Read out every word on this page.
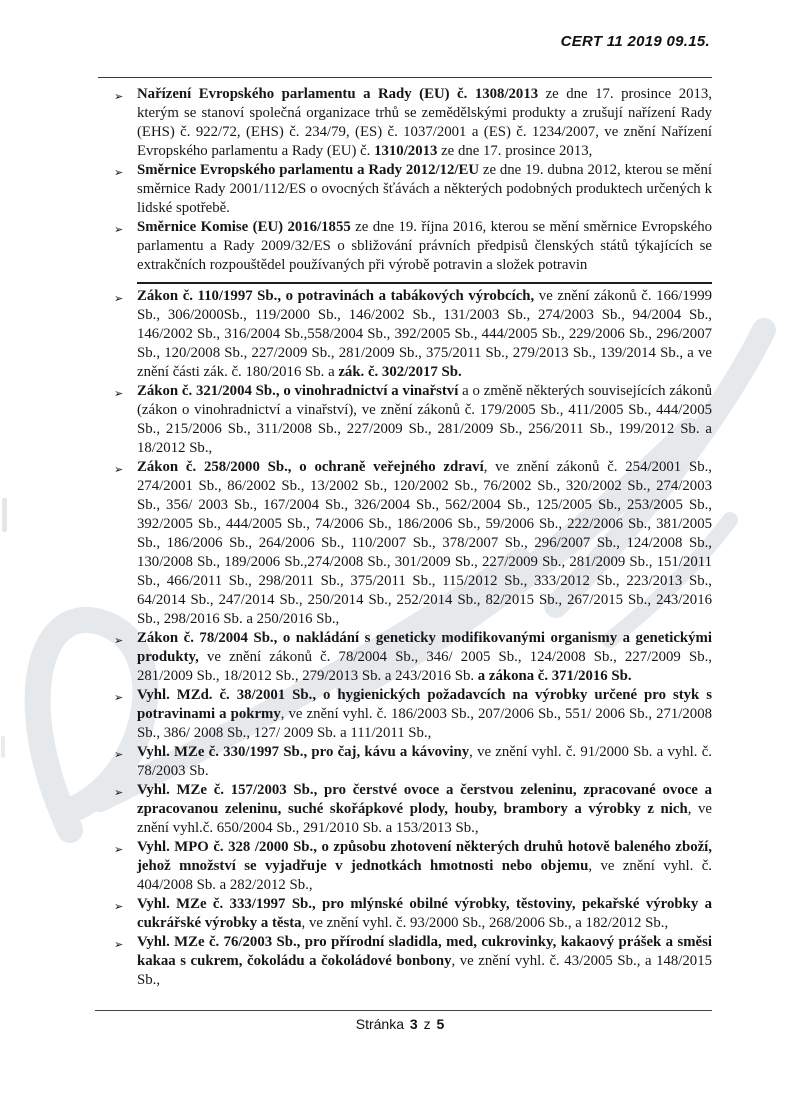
CERT 11 2019 09.15.
➢ Nařízení Evropského parlamentu a Rady (EU) č. 1308/2013 ze dne 17. prosince 2013, kterým se stanoví společná organizace trhů se zemědělskými produkty a zrušují nařízení Rady (EHS) č. 922/72, (EHS) č. 234/79, (ES) č. 1037/2001 a (ES) č. 1234/2007, ve znění Nařízení Evropského parlamentu a Rady (EU) č. 1310/2013 ze dne 17. prosince 2013,
➢ Směrnice Evropského parlamentu a Rady 2012/12/EU ze dne 19. dubna 2012, kterou se mění směrnice Rady 2001/112/ES o ovocných šťávách a některých podobných produktech určených k lidské spotřebě.
➢ Směrnice Komise (EU) 2016/1855 ze dne 19. října 2016, kterou se mění směrnice Evropského parlamentu a Rady 2009/32/ES o sbližování právních předpisů členských států týkajících se extrakčních rozpouštědel používaných při výrobě potravin a složek potravin
➢ Zákon č. 110/1997 Sb., o potravinách a tabákových výrobcích, ve znění zákonů č. 166/1999 Sb., 306/2000Sb., 119/2000 Sb., 146/2002 Sb., 131/2003 Sb., 274/2003 Sb., 94/2004 Sb., 146/2002 Sb., 316/2004 Sb.,558/2004 Sb., 392/2005 Sb., 444/2005 Sb., 229/2006 Sb., 296/2007 Sb., 120/2008 Sb., 227/2009 Sb., 281/2009 Sb., 375/2011 Sb., 279/2013 Sb., 139/2014 Sb., a ve znění části zák. č. 180/2016 Sb. a zák. č. 302/2017 Sb.
➢ Zákon č. 321/2004 Sb., o vinohradnictví a vinařství a o změně některých souvisejících zákonů (zákon o vinohradnictví a vinařství), ve znění zákonů č. 179/2005 Sb., 411/2005 Sb., 444/2005 Sb., 215/2006 Sb., 311/2008 Sb., 227/2009 Sb., 281/2009 Sb., 256/2011 Sb., 199/2012 Sb. a 18/2012 Sb.,
➢ Zákon č. 258/2000 Sb., o ochraně veřejného zdraví, ve znění zákonů č. 254/2001 Sb., 274/2001 Sb., 86/2002 Sb., 13/2002 Sb., 120/2002 Sb., 76/2002 Sb., 320/2002 Sb., 274/2003 Sb., 356/ 2003 Sb., 167/2004 Sb., 326/2004 Sb., 562/2004 Sb., 125/2005 Sb., 253/2005 Sb., 392/2005 Sb., 444/2005 Sb., 74/2006 Sb., 186/2006 Sb., 59/2006 Sb., 222/2006 Sb., 381/2005 Sb., 186/2006 Sb., 264/2006 Sb., 110/2007 Sb., 378/2007 Sb., 296/2007 Sb., 124/2008 Sb., 130/2008 Sb., 189/2006 Sb.,274/2008 Sb., 301/2009 Sb., 227/2009 Sb., 281/2009 Sb., 151/2011 Sb., 466/2011 Sb., 298/2011 Sb., 375/2011 Sb., 115/2012 Sb., 333/2012 Sb., 223/2013 Sb., 64/2014 Sb., 247/2014 Sb., 250/2014 Sb., 252/2014 Sb., 82/2015 Sb., 267/2015 Sb., 243/2016 Sb., 298/2016 Sb. a 250/2016 Sb.,
➢ Zákon č. 78/2004 Sb., o nakládání s geneticky modifikovanými organismy a genetickými produkty, ve znění zákonů č. 78/2004 Sb., 346/ 2005 Sb., 124/2008 Sb., 227/2009 Sb., 281/2009 Sb., 18/2012 Sb., 279/2013 Sb. a 243/2016 Sb. a zákona č. 371/2016 Sb.
➢ Vyhl. MZd. č. 38/2001 Sb., o hygienických požadavcích na výrobky určené pro styk s potravinami a pokrmy, ve znění vyhl. č. 186/2003 Sb., 207/2006 Sb., 551/ 2006 Sb., 271/2008 Sb., 386/ 2008 Sb., 127/ 2009 Sb. a 111/2011 Sb.,
➢ Vyhl. MZe č. 330/1997 Sb., pro čaj, kávu a kávoviny, ve znění vyhl. č. 91/2000 Sb. a vyhl. č. 78/2003 Sb.
➢ Vyhl. MZe č. 157/2003 Sb., pro čerstvé ovoce a čerstvou zeleninu, zpracované ovoce a zpracovanou zeleninu, suché skořápkové plody, houby, brambory a výrobky z nich, ve znění vyhl.č. 650/2004 Sb., 291/2010 Sb. a 153/2013 Sb.,
➢ Vyhl. MPO č. 328 /2000 Sb., o způsobu zhotovení některých druhů hotově baleného zboží, jehož množství se vyjadřuje v jednotkách hmotnosti nebo objemu, ve znění vyhl. č. 404/2008 Sb. a 282/2012 Sb.,
➢ Vyhl. MZe č. 333/1997 Sb., pro mlýnské obilné výrobky, těstoviny, pekařské výrobky a cukrářské výrobky a těsta, ve znění vyhl. č. 93/2000 Sb., 268/2006 Sb., a 182/2012 Sb.,
➢ Vyhl. MZe č. 76/2003 Sb., pro přírodní sladidla, med, cukrovinky, kakaový prášek a směsi kakaa s cukrem, čokoládu a čokoládové bonbony, ve znění vyhl. č. 43/2005 Sb., a 148/2015 Sb.,
Stránka 3 z 5
